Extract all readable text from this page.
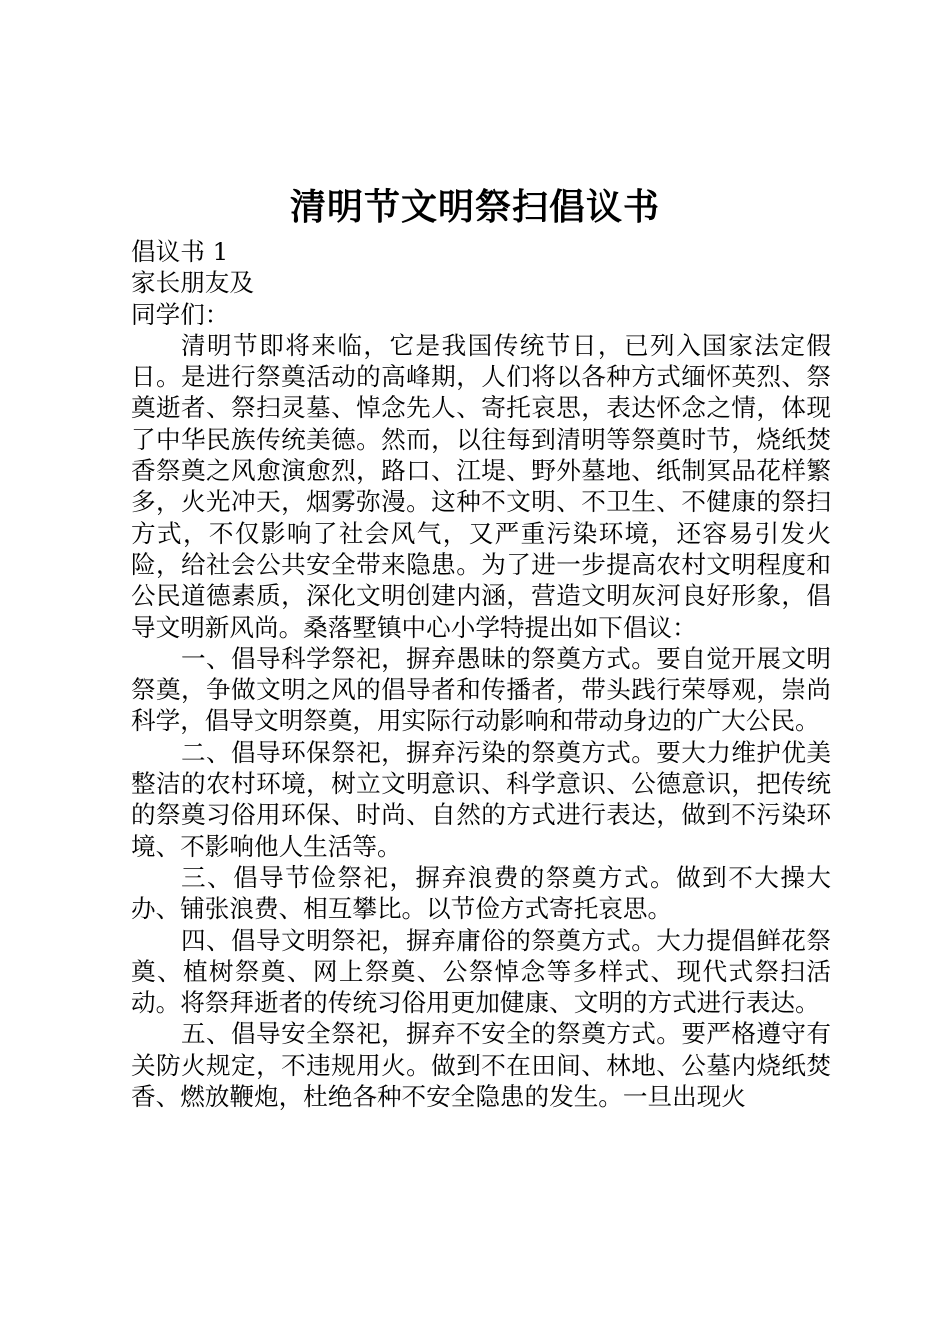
清明节文明祭扫倡议书

倡议书 1

家长朋友及

同学们：

清明节即将来临，它是我国传统节日，已列入国家法定假日。是进行祭奠活动的高峰期，人们将以各种方式缅怀英烈、祭奠逝者、祭扫灵墓、悼念先人、寄托哀思，表达怀念之情，体现了中华民族传统美德。然而，以往每到清明等祭奠时节，烧纸焚香祭奠之风愈演愈烈，路口、江堤、野外墓地、纸制冥品花样繁多，火光冲天，烟雾弥漫。这种不文明、不卫生、不健康的祭扫方式，不仅影响了社会风气，又严重污染环境，还容易引发火险，给社会公共安全带来隐患。为了进一步提高农村文明程度和公民道德素质，深化文明创建内涵，营造文明灰河良好形象，倡导文明新风尚。桑落墅镇中心小学特提出如下倡议：

一、倡导科学祭祀，摒弃愚昧的祭奠方式。要自觉开展文明祭奠，争做文明之风的倡导者和传播者，带头践行荣辱观，崇尚科学，倡导文明祭奠，用实际行动影响和带动身边的广大公民。

二、倡导环保祭祀，摒弃污染的祭奠方式。要大力维护优美整洁的农村环境，树立文明意识、科学意识、公德意识，把传统的祭奠习俗用环保、时尚、自然的方式进行表达，做到不污染环境、不影响他人生活等。

三、倡导节俭祭祀，摒弃浪费的祭奠方式。做到不大操大办、铺张浪费、相互攀比。以节俭方式寄托哀思。

四、倡导文明祭祀，摒弃庸俗的祭奠方式。大力提倡鲜花祭奠、植树祭奠、网上祭奠、公祭悼念等多样式、现代式祭扫活动。将祭拜逝者的传统习俗用更加健康、文明的方式进行表达。

五、倡导安全祭祀，摒弃不安全的祭奠方式。要严格遵守有关防火规定，不违规用火。做到不在田间、林地、公墓内烧纸焚香、燃放鞭炮，杜绝各种不安全隐患的发生。一旦出现火
